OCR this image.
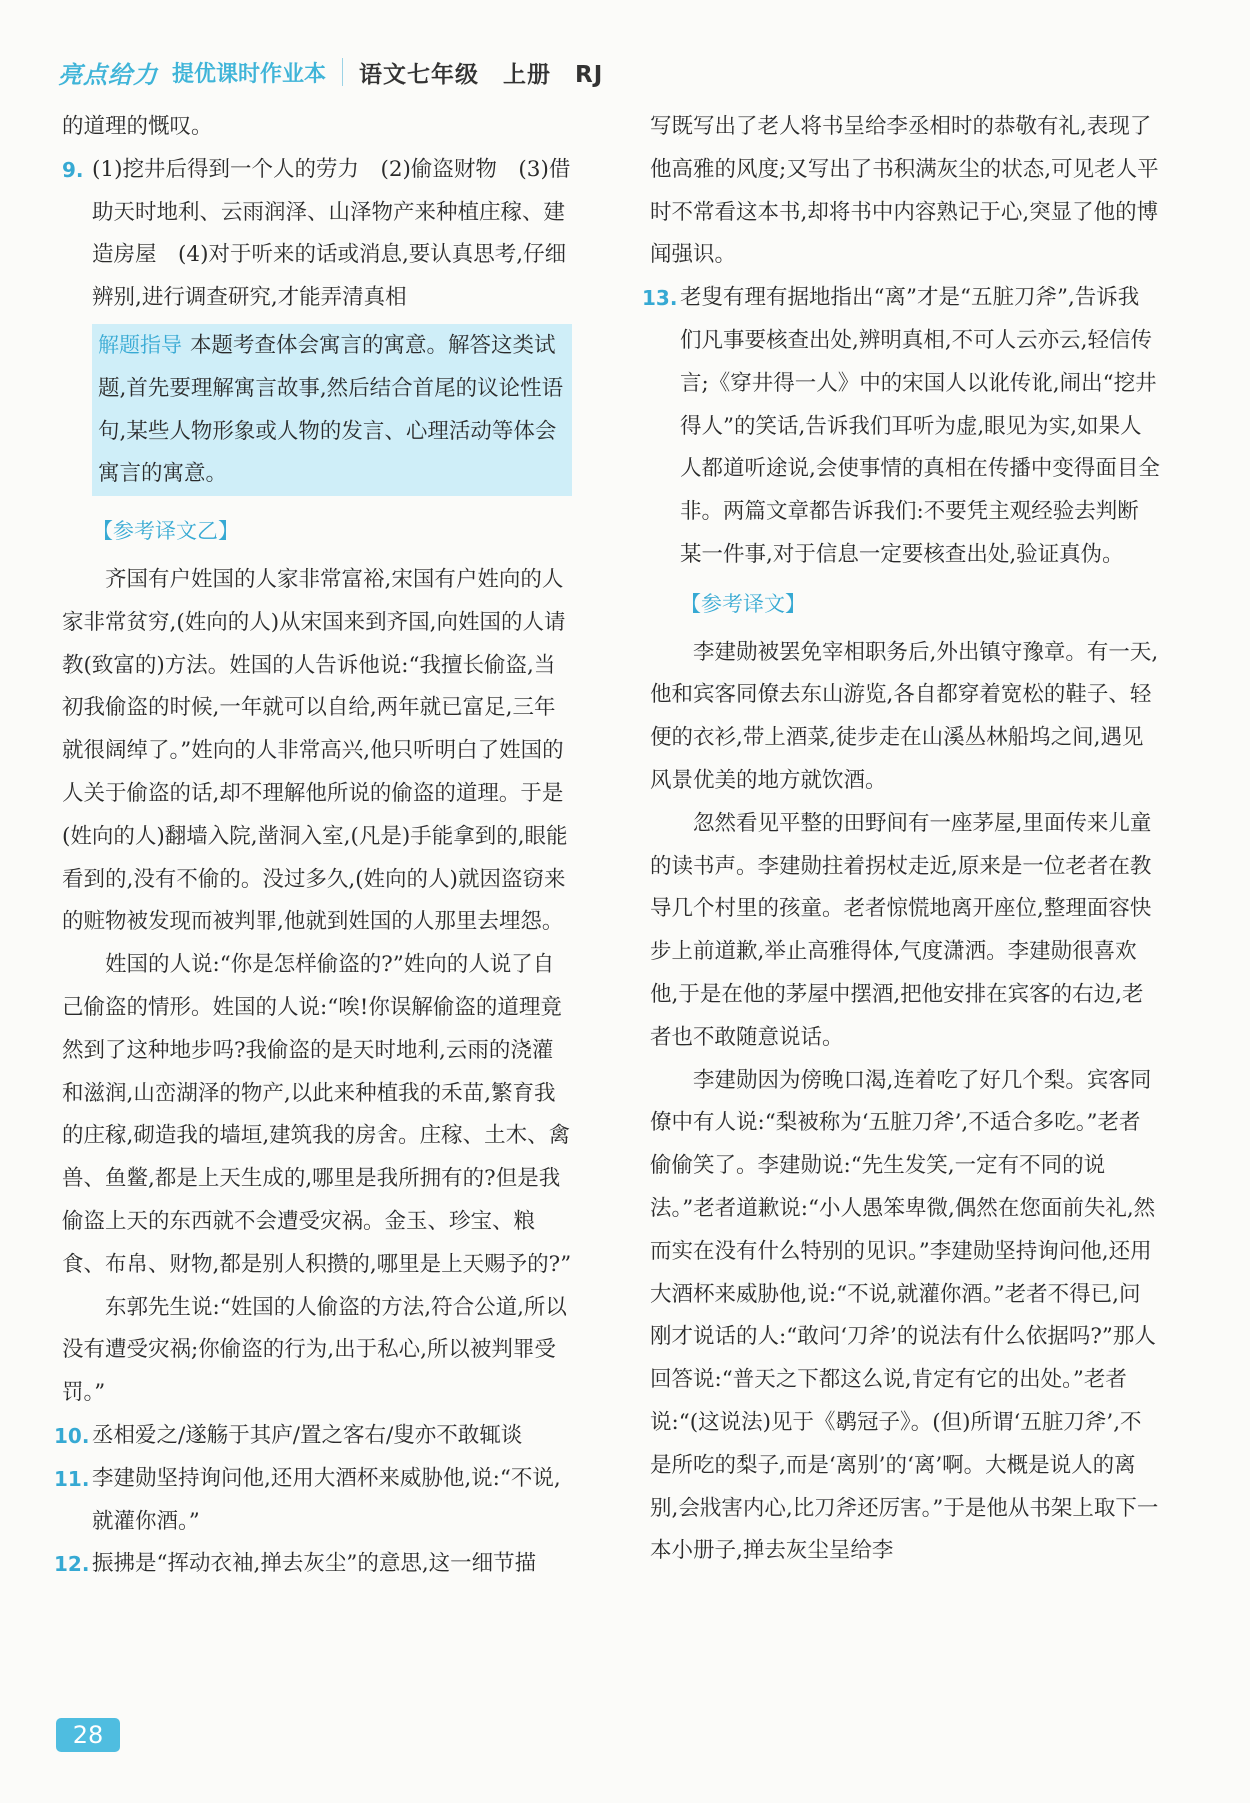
亮点给力 提优课时作业本 语文七年级　上册　RJ

的道理的慨叹。

9. (1)挖井后得到一个人的劳力　(2)偷盗财物　(3)借助天时地利、云雨润泽、山泽物产来种植庄稼、建造房屋　(4)对于听来的话或消息,要认真思考,仔细辨别,进行调查研究,才能弄清真相
解题指导 本题考查体会寓言的寓意。解答这类试题,首先要理解寓言故事,然后结合首尾的议论性语句,某些人物形象或人物的发言、心理活动等体会寓言的寓意。
【参考译文乙】

齐国有户姓国的人家非常富裕,宋国有户姓向的人家非常贫穷,(姓向的人)从宋国来到齐国,向姓国的人请教(致富的)方法。姓国的人告诉他说:“我擅长偷盗,当初我偷盗的时候,一年就可以自给,两年就已富足,三年就很阔绰了。”姓向的人非常高兴,他只听明白了姓国的人关于偷盗的话,却不理解他所说的偷盗的道理。于是(姓向的人)翻墙入院,凿洞入室,(凡是)手能拿到的,眼能看到的,没有不偷的。没过多久,(姓向的人)就因盗窃来的赃物被发现而被判罪,他就到姓国的人那里去埋怨。

姓国的人说:“你是怎样偷盗的?”姓向的人说了自己偷盗的情形。姓国的人说:“唉!你误解偷盗的道理竟然到了这种地步吗?我偷盗的是天时地利,云雨的浇灌和滋润,山峦湖泽的物产,以此来种植我的禾苗,繁育我的庄稼,砌造我的墙垣,建筑我的房舍。庄稼、土木、禽兽、鱼鳖,都是上天生成的,哪里是我所拥有的?但是我偷盗上天的东西就不会遭受灾祸。金玉、珍宝、粮食、布帛、财物,都是别人积攒的,哪里是上天赐予的?”

东郭先生说:“姓国的人偷盗的方法,符合公道,所以没有遭受灾祸;你偷盗的行为,出于私心,所以被判罪受罚。”

10. 丞相爱之/遂觞于其庐/置之客右/叟亦不敢辄谈
11. 李建勋坚持询问他,还用大酒杯来威胁他,说:“不说,就灌你酒。”
12. 振拂是“挥动衣袖,掸去灰尘”的意思,这一细节描

写既写出了老人将书呈给李丞相时的恭敬有礼,表现了他高雅的风度;又写出了书积满灰尘的状态,可见老人平时不常看这本书,却将书中内容熟记于心,突显了他的博闻强识。

13. 老叟有理有据地指出“离”才是“五脏刀斧”,告诉我们凡事要核查出处,辨明真相,不可人云亦云,轻信传言;《穿井得一人》中的宋国人以讹传讹,闹出“挖井得人”的笑话,告诉我们耳听为虚,眼见为实,如果人人都道听途说,会使事情的真相在传播中变得面目全非。两篇文章都告诉我们:不要凭主观经验去判断某一件事,对于信息一定要核查出处,验证真伪。
【参考译文】

李建勋被罢免宰相职务后,外出镇守豫章。有一天,他和宾客同僚去东山游览,各自都穿着宽松的鞋子、轻便的衣衫,带上酒菜,徒步走在山溪丛林船坞之间,遇见风景优美的地方就饮酒。

忽然看见平整的田野间有一座茅屋,里面传来儿童的读书声。李建勋拄着拐杖走近,原来是一位老者在教导几个村里的孩童。老者惊慌地离开座位,整理面容快步上前道歉,举止高雅得体,气度潇洒。李建勋很喜欢他,于是在他的茅屋中摆酒,把他安排在宾客的右边,老者也不敢随意说话。

李建勋因为傍晚口渴,连着吃了好几个梨。宾客同僚中有人说:“梨被称为‘五脏刀斧’,不适合多吃。”老者偷偷笑了。李建勋说:“先生发笑,一定有不同的说法。”老者道歉说:“小人愚笨卑微,偶然在您面前失礼,然而实在没有什么特别的见识。”李建勋坚持询问他,还用大酒杯来威胁他,说:“不说,就灌你酒。”老者不得已,问刚才说话的人:“敢问‘刀斧’的说法有什么依据吗?”那人回答说:“普天之下都这么说,肯定有它的出处。”老者说:“(这说法)见于《鹖冠子》。(但)所谓‘五脏刀斧’,不是所吃的梨子,而是‘离别’的‘离’啊。大概是说人的离别,会戕害内心,比刀斧还厉害。”于是他从书架上取下一本小册子,掸去灰尘呈给李

28
